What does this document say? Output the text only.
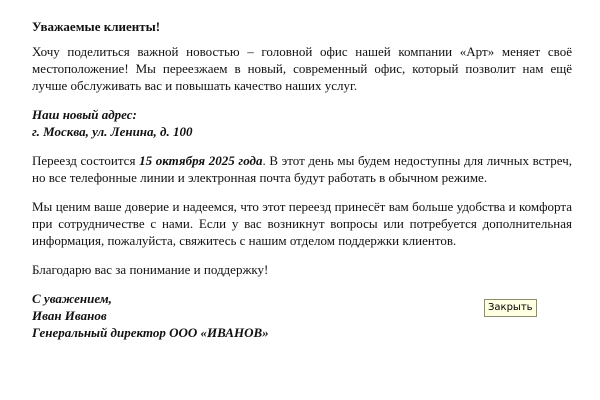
Уважаемые клиенты!
Хочу поделиться важной новостью – головной офис нашей компании «Арт» меняет своё местоположение! Мы переезжаем в новый, современный офис, который позволит нам ещё лучше обслуживать вас и повышать качество наших услуг.
Наш новый адрес:
г. Москва, ул. Ленина, д. 100
Переезд состоится 15 октября 2025 года. В этот день мы будем недоступны для личных встреч, но все телефонные линии и электронная почта будут работать в обычном режиме.
Мы ценим ваше доверие и надеемся, что этот переезд принесёт вам больше удобства и комфорта при сотрудничестве с нами. Если у вас возникнут вопросы или потребуется дополнительная информация, пожалуйста, свяжитесь с нашим отделом поддержки клиентов.
Благодарю вас за понимание и поддержку!
С уважением,
Иван Иванов
Генеральный директор ООО «ИВАНОВ»
Закрыть
